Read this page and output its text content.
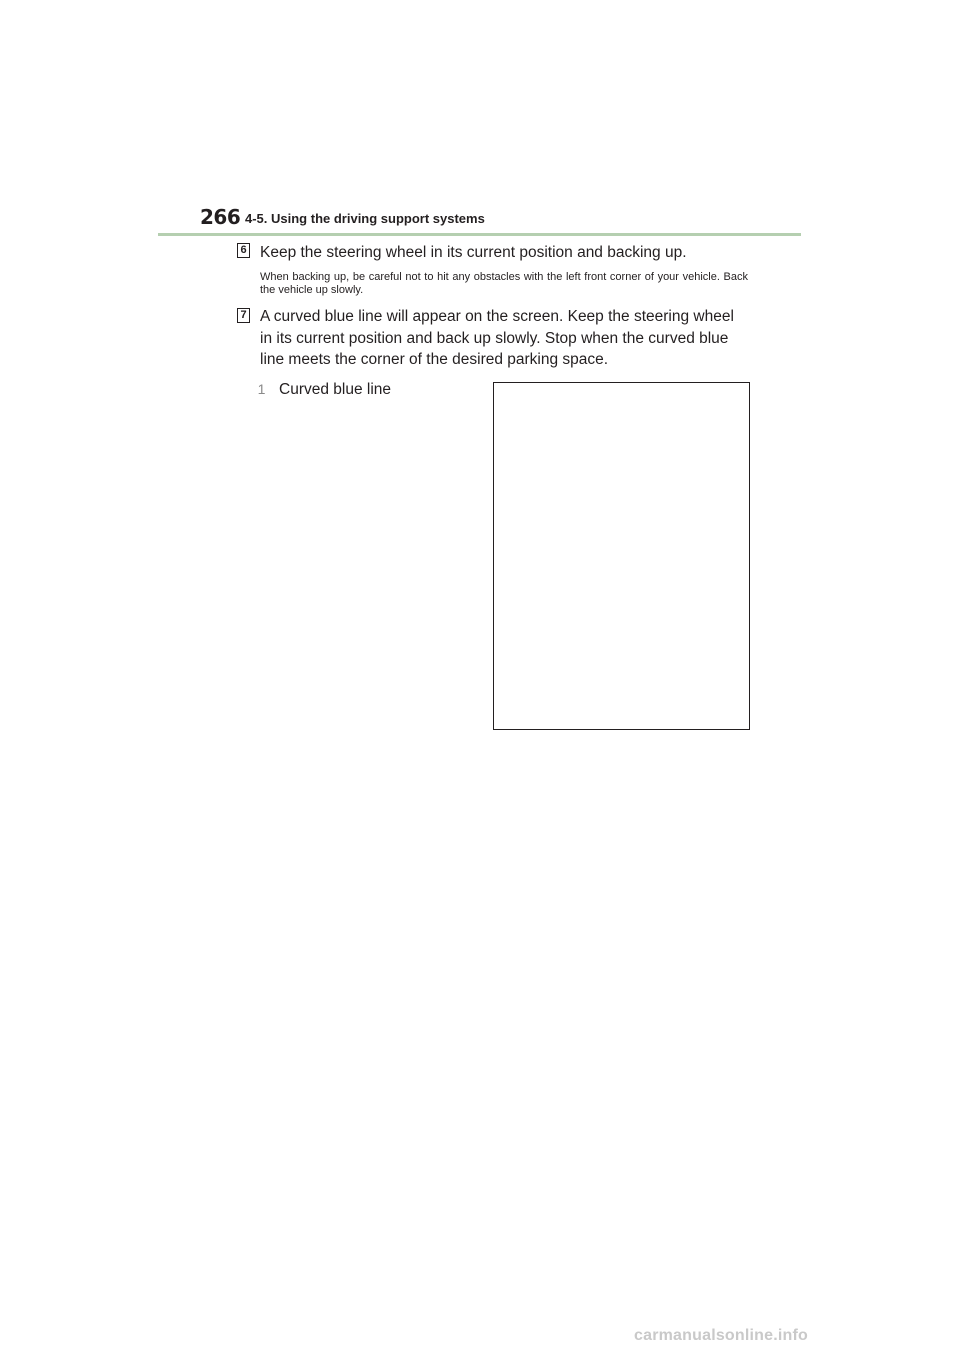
266 4-5. Using the driving support systems
6 Keep the steering wheel in its current position and backing up.
When backing up, be careful not to hit any obstacles with the left front corner of your vehicle. Back the vehicle up slowly.
7 A curved blue line will appear on the screen. Keep the steering wheel in its current position and back up slowly. Stop when the curved blue line meets the corner of the desired parking space.
1 Curved blue line
carmanualsonline.info
